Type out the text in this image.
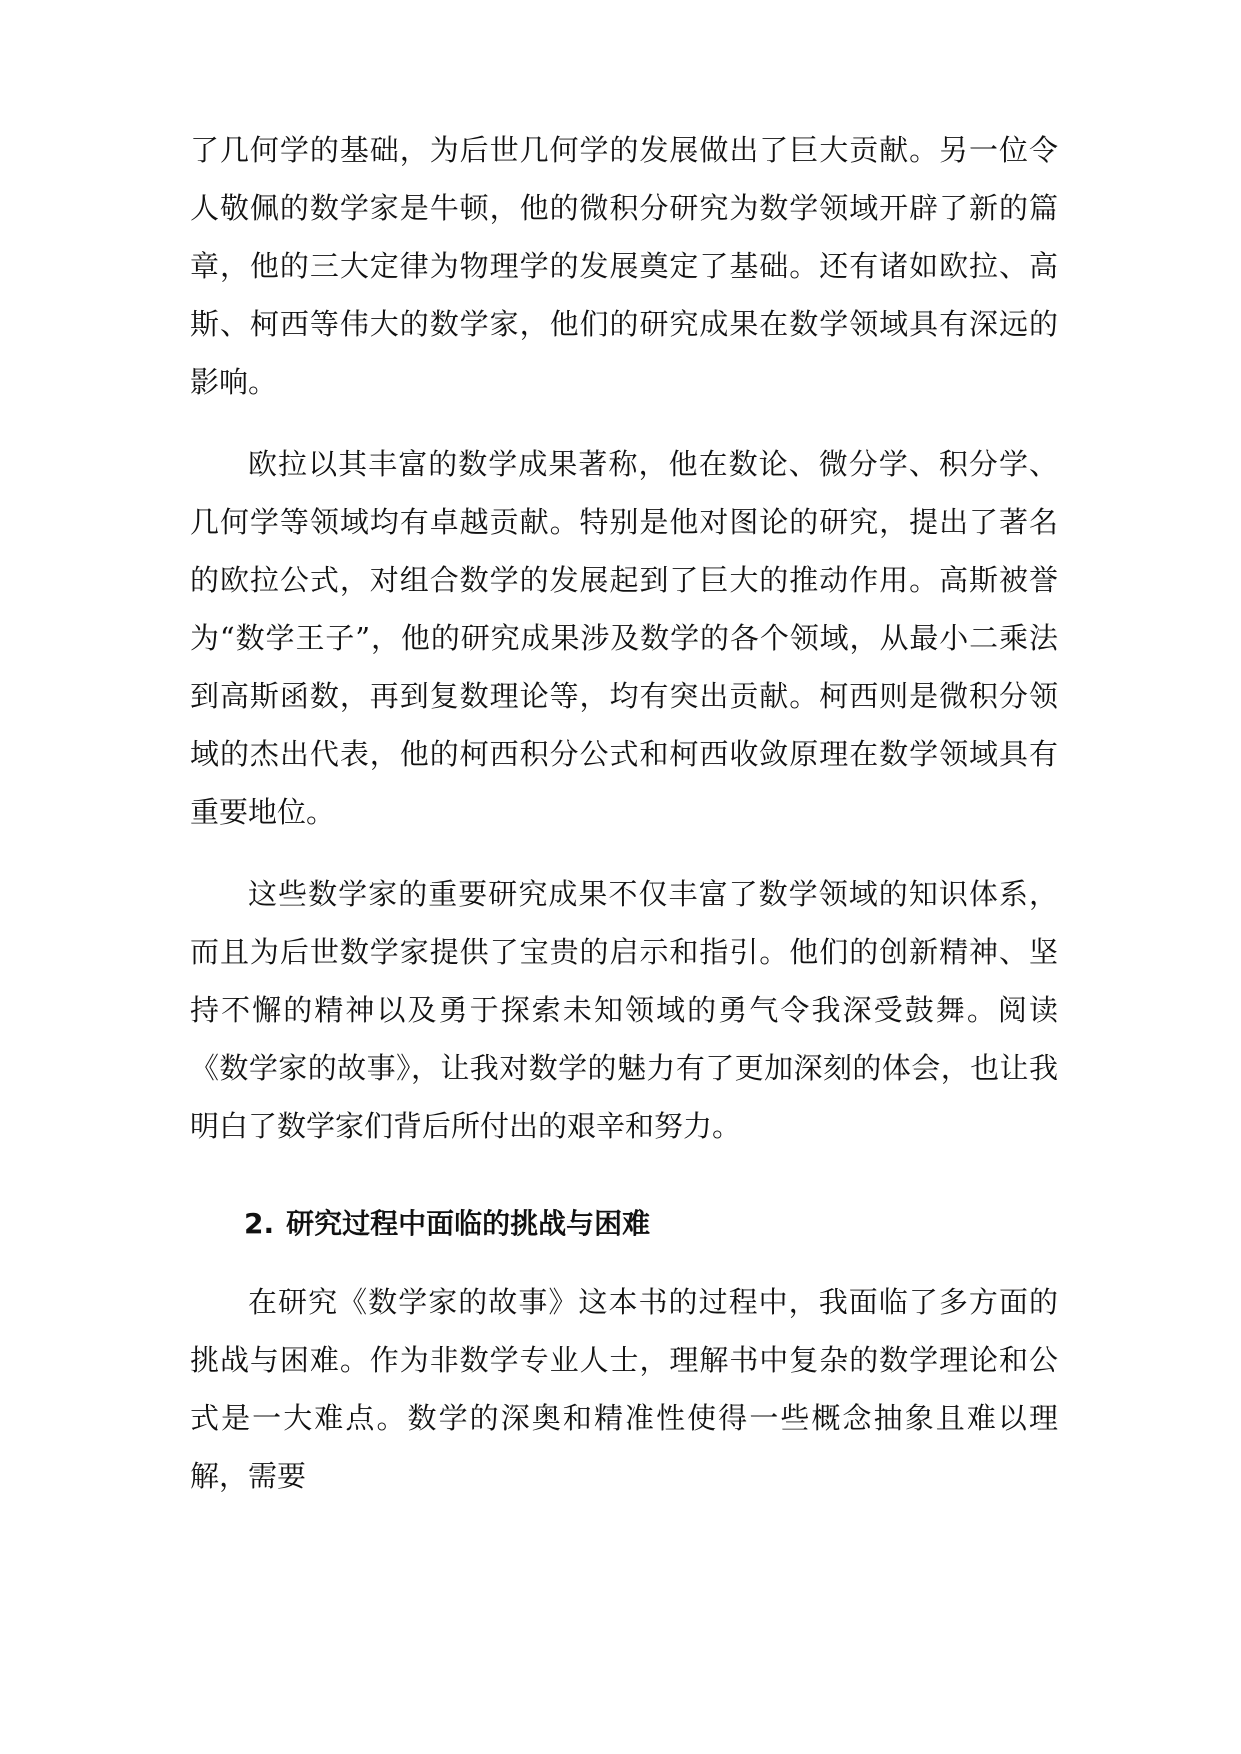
了几何学的基础，为后世几何学的发展做出了巨大贡献。另一位令人敬佩的数学家是牛顿，他的微积分研究为数学领域开辟了新的篇章，他的三大定律为物理学的发展奠定了基础。还有诸如欧拉、高斯、柯西等伟大的数学家，他们的研究成果在数学领域具有深远的影响。

欧拉以其丰富的数学成果著称，他在数论、微分学、积分学、几何学等领域均有卓越贡献。特别是他对图论的研究，提出了著名的欧拉公式，对组合数学的发展起到了巨大的推动作用。高斯被誉为“数学王子”，他的研究成果涉及数学的各个领域，从最小二乘法到高斯函数，再到复数理论等，均有突出贡献。柯西则是微积分领域的杰出代表，他的柯西积分公式和柯西收敛原理在数学领域具有重要地位。

这些数学家的重要研究成果不仅丰富了数学领域的知识体系，而且为后世数学家提供了宝贵的启示和指引。他们的创新精神、坚持不懈的精神以及勇于探索未知领域的勇气令我深受鼓舞。阅读《数学家的故事》，让我对数学的魅力有了更加深刻的体会，也让我明白了数学家们背后所付出的艰辛和努力。

2. 研究过程中面临的挑战与困难

在研究《数学家的故事》这本书的过程中，我面临了多方面的挑战与困难。作为非数学专业人士，理解书中复杂的数学理论和公式是一大难点。数学的深奥和精准性使得一些概念抽象且难以理解，需要
